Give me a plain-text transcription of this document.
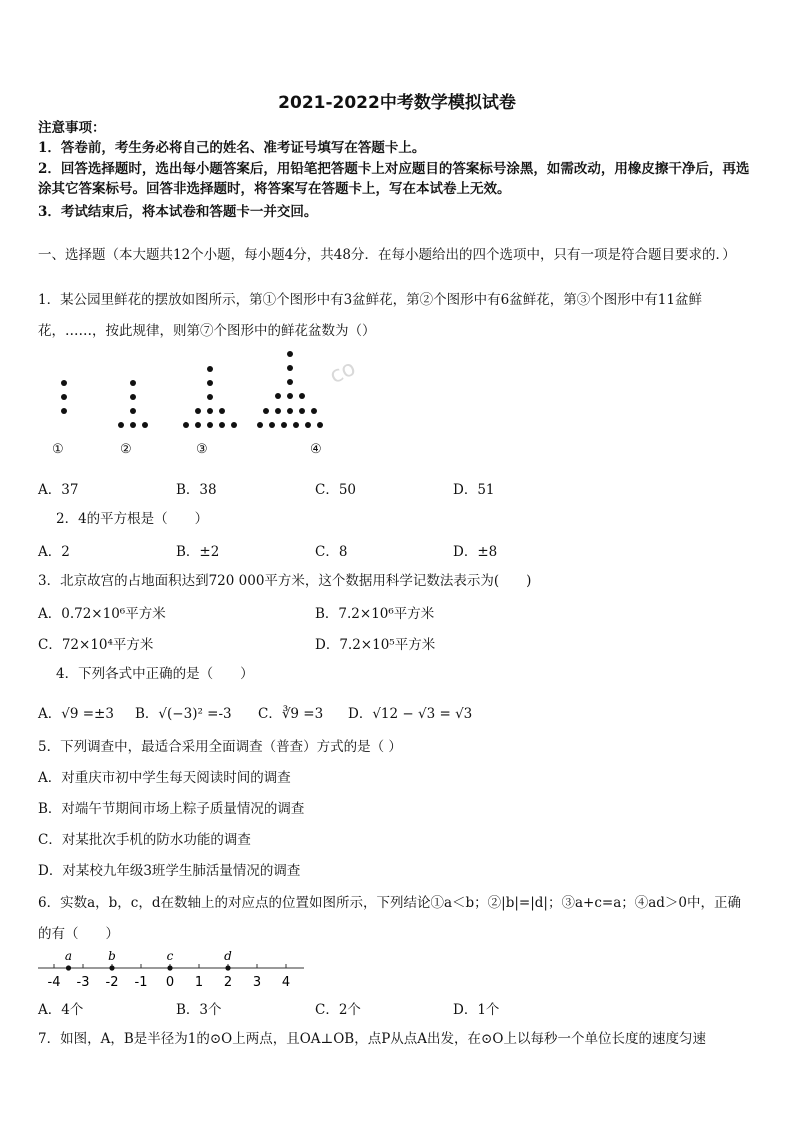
2021-2022中考数学模拟试卷
注意事项：
1．答卷前，考生务必将自己的姓名、准考证号填写在答题卡上。
2．回答选择题时，选出每小题答案后，用铅笔把答题卡上对应题目的答案标号涂黑，如需改动，用橡皮擦干净后，再选涂其它答案标号。回答非选择题时，将答案写在答题卡上，写在本试卷上无效。
3．考试结束后，将本试卷和答题卡一并交回。
一、选择题（本大题共12个小题，每小题4分，共48分．在每小题给出的四个选项中，只有一项是符合题目要求的．）
1．某公园里鲜花的摆放如图所示，第①个图形中有3盆鲜花，第②个图形中有6盆鲜花，第③个图形中有11盆鲜
花，……，按此规律，则第⑦个图形中的鲜花盆数为（）
①	②	③	④
co
A．37	B．38	C．50	D．51
2．4的平方根是（　　）
A．2	B．±2	C．8	D．±8
3．北京故宫的占地面积达到720 000平方米，这个数据用科学记数法表示为(　　)
A．0.72×10⁶平方米	B．7.2×10⁶平方米
C．72×10⁴平方米	D．7.2×10⁵平方米
4．下列各式中正确的是（　　）
A．√9 =±3 B．√(−3)² =-3 C．∛9 =3 D．√12 − √3 = √3
5．下列调查中，最适合采用全面调查（普查）方式的是（ ）
A．对重庆市初中学生每天阅读时间的调查
B．对端午节期间市场上粽子质量情况的调查
C．对某批次手机的防水功能的调查
D．对某校九年级3班学生肺活量情况的调查
6．实数a，b，c，d在数轴上的对应点的位置如图所示，下列结论①a＜b；②|b|=|d|；③a+c=a；④ad＞0中，正确
的有（　　）
-4 -3 -2 -1 0 1 2 3 4
a	b	c	d
A．4个	B．3个	C．2个	D．1个
7．如图，A，B是半径为1的⊙O上两点，且OA⊥OB，点P从点A出发，在⊙O上以每秒一个单位长度的速度匀速
